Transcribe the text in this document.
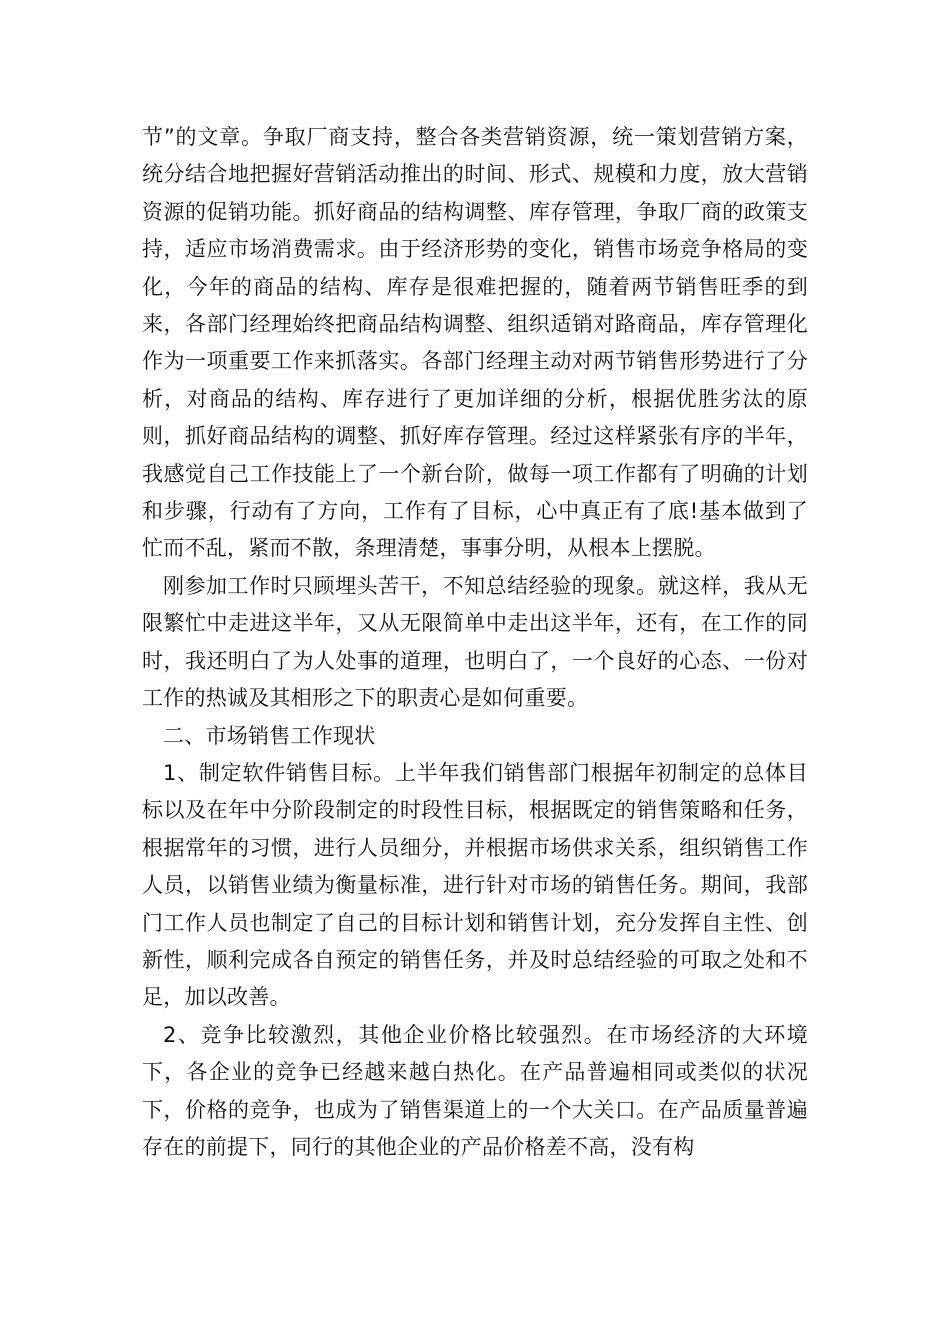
节”的文章。争取厂商支持，整合各类营销资源，统一策划营销方案，统分结合地把握好营销活动推出的时间、形式、规模和力度，放大营销资源的促销功能。抓好商品的结构调整、库存管理，争取厂商的政策支持，适应市场消费需求。由于经济形势的变化，销售市场竞争格局的变化，今年的商品的结构、库存是很难把握的，随着两节销售旺季的到来，各部门经理始终把商品结构调整、组织适销对路商品，库存管理化作为一项重要工作来抓落实。各部门经理主动对两节销售形势进行了分析，对商品的结构、库存进行了更加详细的分析，根据优胜劣汰的原则，抓好商品结构的调整、抓好库存管理。经过这样紧张有序的半年，我感觉自己工作技能上了一个新台阶，做每一项工作都有了明确的计划和步骤，行动有了方向，工作有了目标，心中真正有了底!基本做到了忙而不乱，紧而不散，条理清楚，事事分明，从根本上摆脱。

刚参加工作时只顾埋头苦干，不知总结经验的现象。就这样，我从无限繁忙中走进这半年，又从无限简单中走出这半年，还有，在工作的同时，我还明白了为人处事的道理，也明白了，一个良好的心态、一份对工作的热诚及其相形之下的职责心是如何重要。

二、市场销售工作现状

1、制定软件销售目标。上半年我们销售部门根据年初制定的总体目标以及在年中分阶段制定的时段性目标，根据既定的销售策略和任务，根据常年的习惯，进行人员细分，并根据市场供求关系，组织销售工作人员，以销售业绩为衡量标准，进行针对市场的销售任务。期间，我部门工作人员也制定了自己的目标计划和销售计划，充分发挥自主性、创新性，顺利完成各自预定的销售任务，并及时总结经验的可取之处和不足，加以改善。

2、竞争比较激烈，其他企业价格比较强烈。在市场经济的大环境下，各企业的竞争已经越来越白热化。在产品普遍相同或类似的状况下，价格的竞争，也成为了销售渠道上的一个大关口。在产品质量普遍存在的前提下，同行的其他企业的产品价格差不高，没有构
